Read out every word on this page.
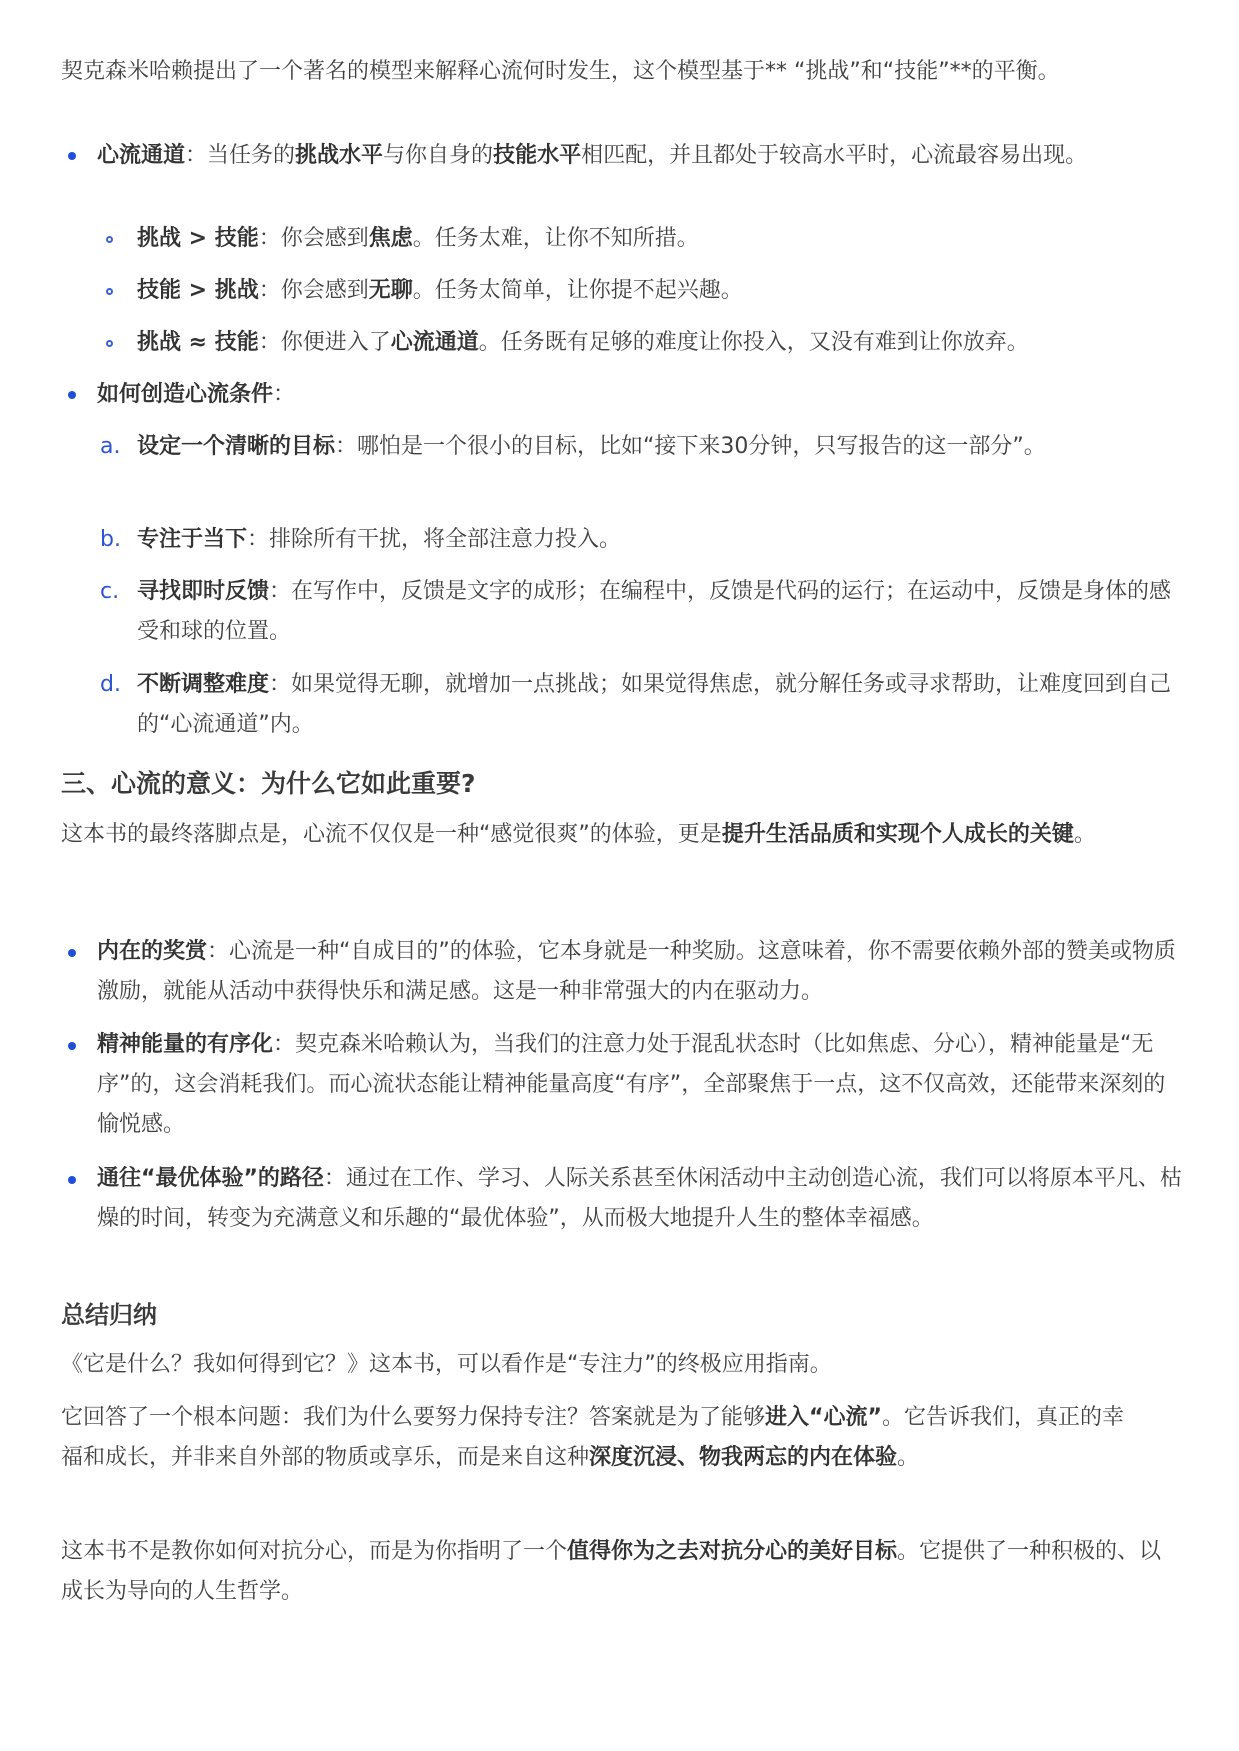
契克森米哈赖提出了一个著名的模型来解释心流何时发生，这个模型基于** “挑战”和“技能”**的平衡。

心流通道：当任务的挑战水平与你自身的技能水平相匹配，并且都处于较高水平时，心流最容易出现。

挑战 > 技能：你会感到焦虑。任务太难，让你不知所措。

技能 > 挑战：你会感到无聊。任务太简单，让你提不起兴趣。

挑战 ≈ 技能：你便进入了心流通道。任务既有足够的难度让你投入，又没有难到让你放弃。

如何创造心流条件：

a. 设定一个清晰的目标：哪怕是一个很小的目标，比如“接下来30分钟，只写报告的这一部分”。

b. 专注于当下：排除所有干扰，将全部注意力投入。

c. 寻找即时反馈：在写作中，反馈是文字的成形；在编程中，反馈是代码的运行；在运动中，反馈是身体的感受和球的位置。

d. 不断调整难度：如果觉得无聊，就增加一点挑战；如果觉得焦虑，就分解任务或寻求帮助，让难度回到自己的“心流通道”内。

三、心流的意义：为什么它如此重要?

这本书的最终落脚点是，心流不仅仅是一种“感觉很爽”的体验，更是提升生活品质和实现个人成长的关键。

内在的奖赏：心流是一种“自成目的”的体验，它本身就是一种奖励。这意味着，你不需要依赖外部的赞美或物质激励，就能从活动中获得快乐和满足感。这是一种非常强大的内在驱动力。

精神能量的有序化：契克森米哈赖认为，当我们的注意力处于混乱状态时（比如焦虑、分心），精神能量是“无序”的，这会消耗我们。而心流状态能让精神能量高度“有序”，全部聚焦于一点，这不仅高效，还能带来深刻的愉悦感。

通往“最优体验”的路径：通过在工作、学习、人际关系甚至休闲活动中主动创造心流，我们可以将原本平凡、枯燥的时间，转变为充满意义和乐趣的“最优体验”，从而极大地提升人生的整体幸福感。

总结归纳

《它是什么？我如何得到它？》这本书，可以看作是“专注力”的终极应用指南。

它回答了一个根本问题：我们为什么要努力保持专注？答案就是为了能够进入“心流”。它告诉我们，真正的幸福和成长，并非来自外部的物质或享乐，而是来自这种深度沉浸、物我两忘的内在体验。

这本书不是教你如何对抗分心，而是为你指明了一个值得你为之去对抗分心的美好目标。它提供了一种积极的、以成长为导向的人生哲学。
